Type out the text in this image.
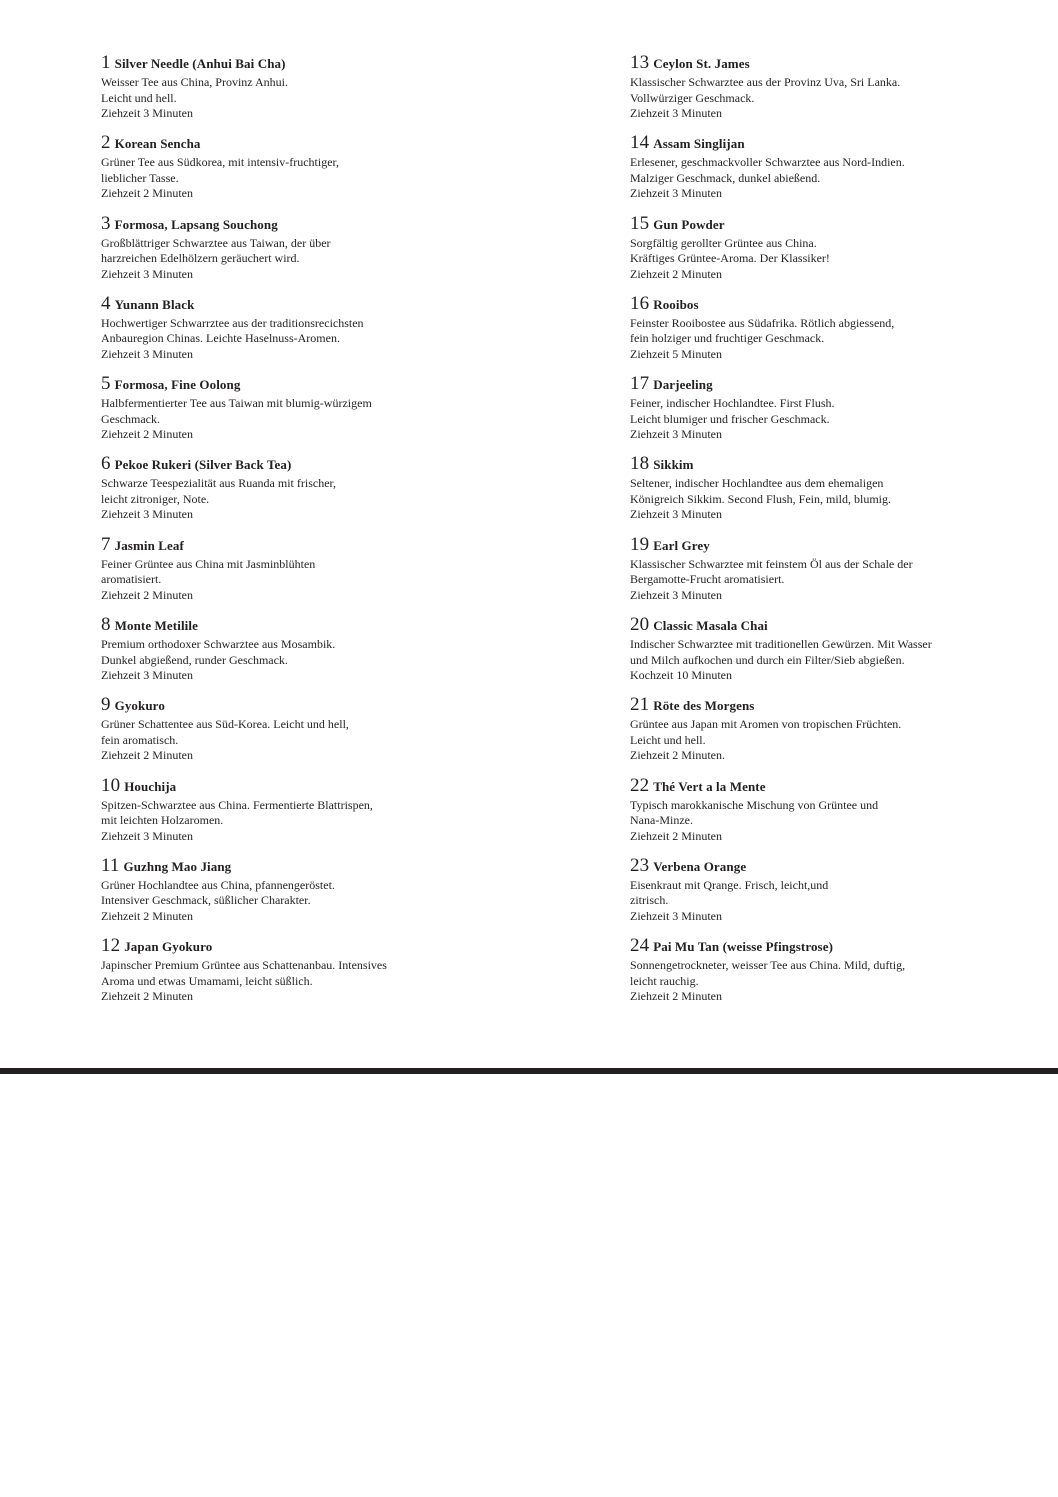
1 Silver Needle (Anhui Bai Cha)
Weisser Tee aus China, Provinz Anhui.
Leicht und hell.
Ziehzeit 3 Minuten
2 Korean Sencha
Grüner Tee aus Südkorea, mit intensiv-fruchtiger,
lieblicher Tasse.
Ziehzeit 2 Minuten
3 Formosa, Lapsang Souchong
Großblättriger Schwarztee aus Taiwan, der über
harzreichen Edelhölzern geräuchert wird.
Ziehzeit 3 Minuten
4 Yunann Black
Hochwertiger Schwarrztee aus der traditionsrecichsten
Anbauregion Chinas. Leichte Haselnuss-Aromen.
Ziehzeit 3 Minuten
5 Formosa, Fine Oolong
Halbfermentierter Tee aus Taiwan mit blumig-würzigem
Geschmack.
Ziehzeit 2 Minuten
6 Pekoe Rukeri (Silver Back Tea)
Schwarze Teespezialität aus Ruanda mit frischer,
leicht zitroniger, Note.
Ziehzeit 3 Minuten
7 Jasmin Leaf
Feiner Grüntee aus China mit Jasminblühten
aromatisiert.
Ziehzeit 2 Minuten
8 Monte Metilile
Premium orthodoxer Schwarztee aus Mosambik.
Dunkel abgießend, runder Geschmack.
Ziehzeit 3 Minuten
9 Gyokuro
Grüner Schattentee aus Süd-Korea. Leicht und hell,
fein aromatisch.
Ziehzeit 2 Minuten
10 Houchija
Spitzen-Schwarztee aus China. Fermentierte Blattrispen,
mit leichten Holzaromen.
Ziehzeit 3 Minuten
11 Guzhng Mao Jiang
Grüner Hochlandtee aus China, pfannengeröstet.
Intensiver Geschmack, süßlicher Charakter.
Ziehzeit 2 Minuten
12 Japan Gyokuro
Japinscher Premium Grüntee aus Schattenanbau. Intensives
Aroma und etwas Umamami, leicht süßlich.
Ziehzeit 2 Minuten
13 Ceylon St. James
Klassischer Schwarztee aus der Provinz Uva, Sri Lanka.
Vollwürziger Geschmack.
Ziehzeit 3 Minuten
14 Assam Singlijan
Erlesener, geschmackvoller Schwarztee aus Nord-Indien.
Malziger Geschmack, dunkel abießend.
Ziehzeit 3 Minuten
15 Gun Powder
Sorgfältig gerollter Grüntee aus China.
Kräftiges Grüntee-Aroma. Der Klassiker!
Ziehzeit 2 Minuten
16 Rooibos
Feinster Rooibostee aus Südafrika. Rötlich abgiessend,
fein holziger und fruchtiger Geschmack.
Ziehzeit 5 Minuten
17 Darjeeling
Feiner, indischer Hochlandtee. First Flush.
Leicht blumiger und frischer Geschmack.
Ziehzeit 3 Minuten
18 Sikkim
Seltener, indischer Hochlandtee aus dem ehemaligen
Königreich Sikkim. Second Flush, Fein, mild, blumig.
Ziehzeit 3 Minuten
19 Earl Grey
Klassischer Schwarztee mit feinstem Öl aus der Schale der
Bergamotte-Frucht aromatisiert.
Ziehzeit 3 Minuten
20 Classic Masala Chai
Indischer Schwarztee mit traditionellen Gewürzen. Mit Wasser
und Milch aufkochen und durch ein Filter/Sieb abgießen.
Kochzeit 10 Minuten
21 Röte des Morgens
Grüntee aus Japan mit Aromen von tropischen Früchten.
Leicht und hell.
Ziehzeit 2 Minuten.
22 Thé Vert a la Mente
Typisch marokkanische Mischung von Grüntee und
Nana-Minze.
Ziehzeit 2 Minuten
23 Verbena Orange
Eisenkraut mit Qrange. Frisch, leicht,und
zitrisch.
Ziehzeit 3 Minuten
24 Pai Mu Tan (weisse Pfingstrose)
Sonnengetrockneter, weisser Tee aus China. Mild, duftig,
leicht rauchig.
Ziehzeit 2 Minuten
